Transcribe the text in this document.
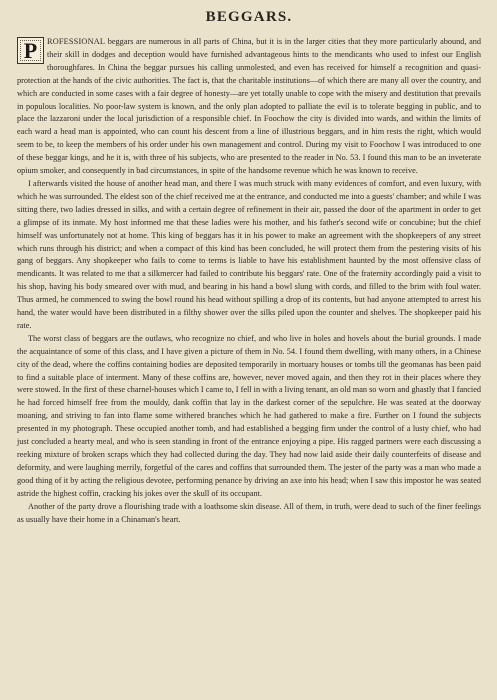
BEGGARS.

P	ROFESSIONAL beggars are numerous in all parts of China, but it is in the larger cities that they more particularly abound, and their skill in dodges and deception would have furnished advantageous hints to the mendicants who used to infest our English thoroughfares. In China the beggar pursues his calling unmolested, and even has received for himself a recognition and quasi-protection at the hands of the civic authorities. The fact is, that the charitable institutions—of which there are many all over the country, and which are conducted in some cases with a fair degree of honesty—are yet totally unable to cope with the misery and destitution that prevails in populous localities. No poor-law system is known, and the only plan adopted to palliate the evil is to tolerate begging in public, and to place the lazzaroni under the local jurisdiction of a responsible chief. In Foochow the city is divided into wards, and within the limits of each ward a head man is appointed, who can count his descent from a line of illustrious beggars, and in him rests the right, which would seem to be, to keep the members of his order under his own management and control. During my visit to Foochow I was introduced to one of these beggar kings, and he it is, with three of his subjects, who are presented to the reader in No. 53. I found this man to be an inveterate opium smoker, and consequently in bad circumstances, in spite of the handsome revenue which he was known to receive.

I afterwards visited the house of another head man, and there I was much struck with many evidences of comfort, and even luxury, with which he was surrounded. The eldest son of the chief received me at the entrance, and conducted me into a guests' chamber; and while I was sitting there, two ladies dressed in silks, and with a certain degree of refinement in their air, passed the door of the apartment in order to get a glimpse of its inmate. My host informed me that these ladies were his mother, and his father's second wife or concubine; but the chief himself was unfortunately not at home. This king of beggars has it in his power to make an agreement with the shopkeepers of any street which runs through his district; and when a compact of this kind has been concluded, he will protect them from the pestering visits of his gang of beggars. Any shopkeeper who fails to come to terms is liable to have his establishment haunted by the most offensive class of mendicants. It was related to me that a silkmercer had failed to contribute his beggars' rate. One of the fraternity accordingly paid a visit to his shop, having his body smeared over with mud, and bearing in his hand a bowl slung with cords, and filled to the brim with foul water. Thus armed, he commenced to swing the bowl round his head without spilling a drop of its contents, but had anyone attempted to arrest his hand, the water would have been distributed in a filthy shower over the silks piled upon the counter and shelves. The shopkeeper paid his rate.

The worst class of beggars are the outlaws, who recognize no chief, and who live in holes and hovels about the burial grounds. I made the acquaintance of some of this class, and I have given a picture of them in No. 54. I found them dwelling, with many others, in a Chinese city of the dead, where the coffins containing bodies are deposited temporarily in mortuary houses or tombs till the geomanas has been paid to find a suitable place of interment. Many of these coffins are, however, never moved again, and then they rot in their places where they were stowed. In the first of these charnel-houses which I came to, I fell in with a living tenant, an old man so worn and ghastly that I fancied he had forced himself free from the mouldy, dank coffin that lay in the darkest corner of the sepulchre. He was seated at the doorway moaning, and striving to fan into flame some withered branches which he had gathered to make a fire. Further on I found the subjects presented in my photograph. These occupied another tomb, and had established a begging firm under the control of a lusty chief, who had just concluded a hearty meal, and who is seen standing in front of the entrance enjoying a pipe. His ragged partners were each discussing a reeking mixture of broken scraps which they had collected during the day. They had now laid aside their daily counterfeits of disease and deformity, and were laughing merrily, forgetful of the cares and coffins that surrounded them. The jester of the party was a man who made a good thing of it by acting the religious devotee, performing penance by driving an axe into his head; when I saw this impostor he was seated astride the highest coffin, cracking his jokes over the skull of its occupant.

Another of the party drove a flourishing trade with a loathsome skin disease. All of them, in truth, were dead to such of the finer feelings as usually have their home in a Chinaman's heart.
